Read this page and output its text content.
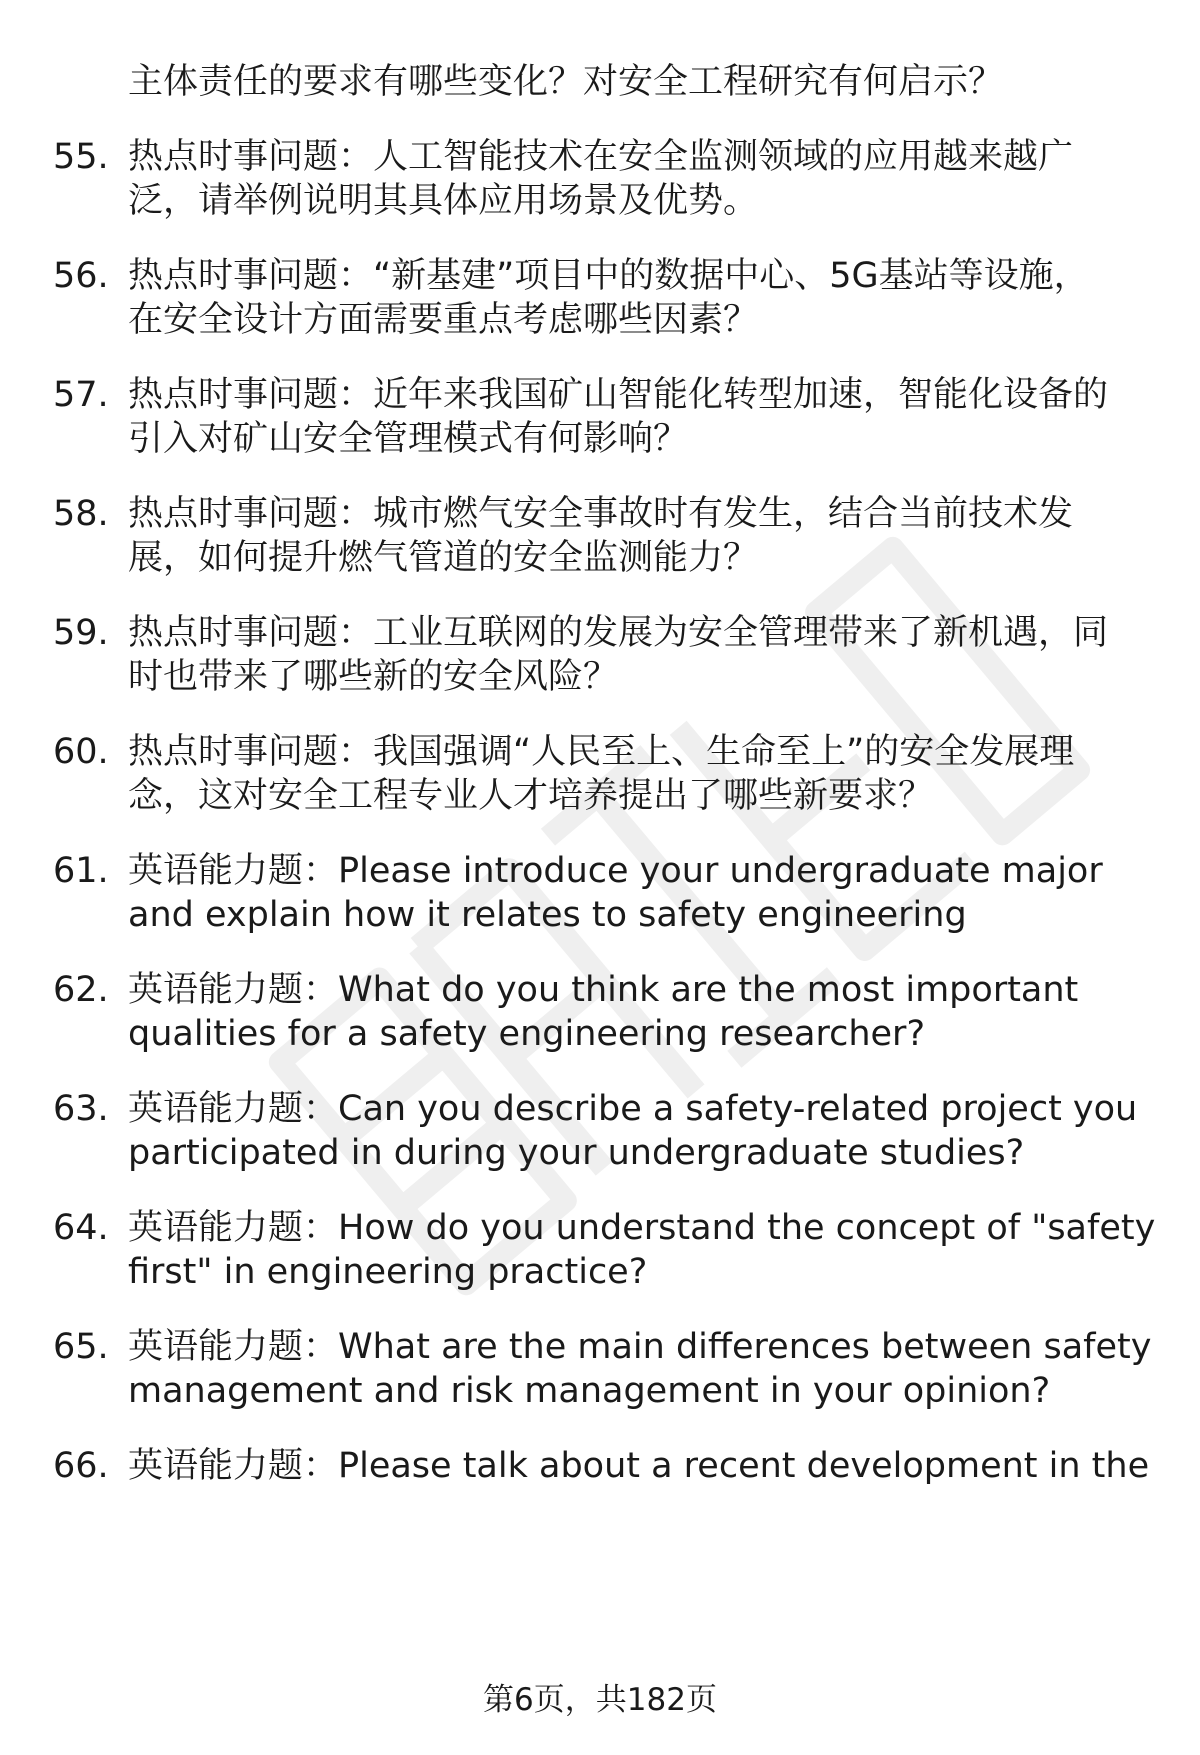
主体责任的要求有哪些变化？对安全工程研究有何启示？
55. 热点时事问题：人工智能技术在安全监测领域的应用越来越广
泛，请举例说明其具体应用场景及优势。
56. 热点时事问题：“新基建”项目中的数据中心、5G基站等设施，
在安全设计方面需要重点考虑哪些因素？
57. 热点时事问题：近年来我国矿山智能化转型加速，智能化设备的
引入对矿山安全管理模式有何影响？
58. 热点时事问题：城市燃气安全事故时有发生，结合当前技术发
展，如何提升燃气管道的安全监测能力？
59. 热点时事问题：工业互联网的发展为安全管理带来了新机遇，同
时也带来了哪些新的安全风险？
60. 热点时事问题：我国强调“人民至上、生命至上”的安全发展理
念，这对安全工程专业人才培养提出了哪些新要求？
61. 英语能力题：Please introduce your undergraduate major
and explain how it relates to safety engineering
62. 英语能力题：What do you think are the most important
qualities for a safety engineering researcher?
63. 英语能力题：Can you describe a safety-related project you
participated in during your undergraduate studies?
64. 英语能力题：How do you understand the concept of "safety
first" in engineering practice?
65. 英语能力题：What are the main differences between safety
management and risk management in your opinion?
66. 英语能力题：Please talk about a recent development in the
第6页，共182页
